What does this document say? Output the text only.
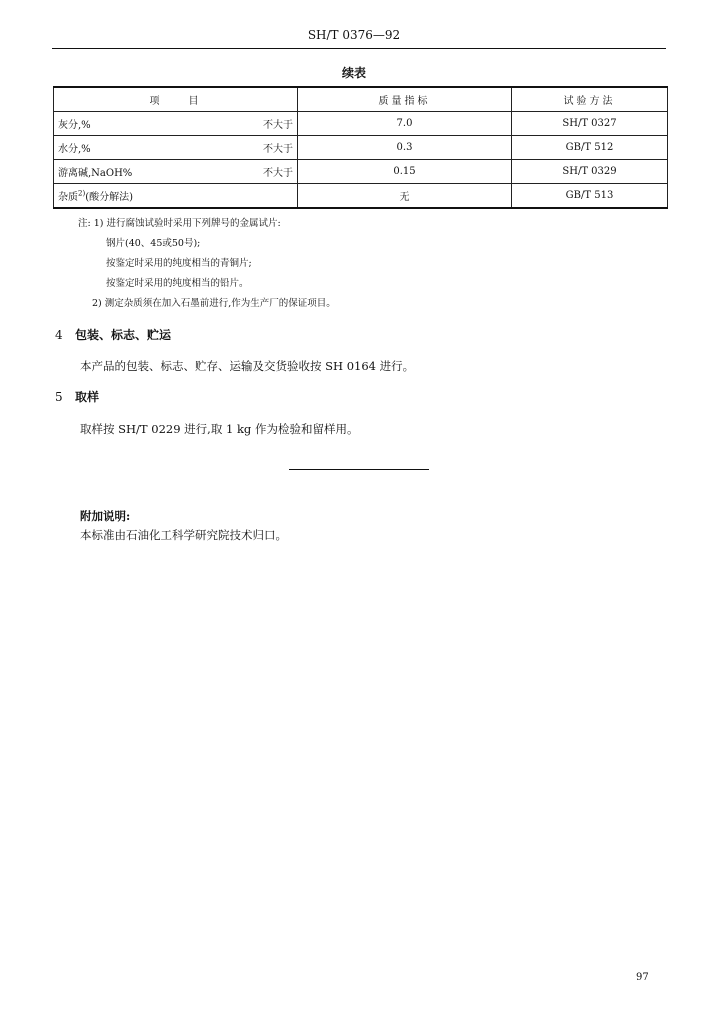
SH/T 0376—92
续表
项　　目	质量指标	试验方法

灰分,% 不大于	7.0	SH/T 0327

水分,% 不大于	0.3	GB/T 512

游离碱,NaOH% 不大于	0.15	SH/T 0329
杂质$^{2)}$(酸分解法)	无	GB/T 513
注: 1) 进行腐蚀试验时采用下列牌号的金属试片:
钢片(40、45或50号);
按鉴定时采用的纯度相当的青铜片;
按鉴定时采用的纯度相当的铅片。
2) 测定杂质须在加入石墨前进行,作为生产厂的保证项目。
4 包装、标志、贮运
本产品的包装、标志、贮存、运输及交货验收按 SH 0164 进行。
5 取样
取样按 SH/T 0229 进行,取 1 kg 作为检验和留样用。
附加说明:
本标准由石油化工科学研究院技术归口。
97
